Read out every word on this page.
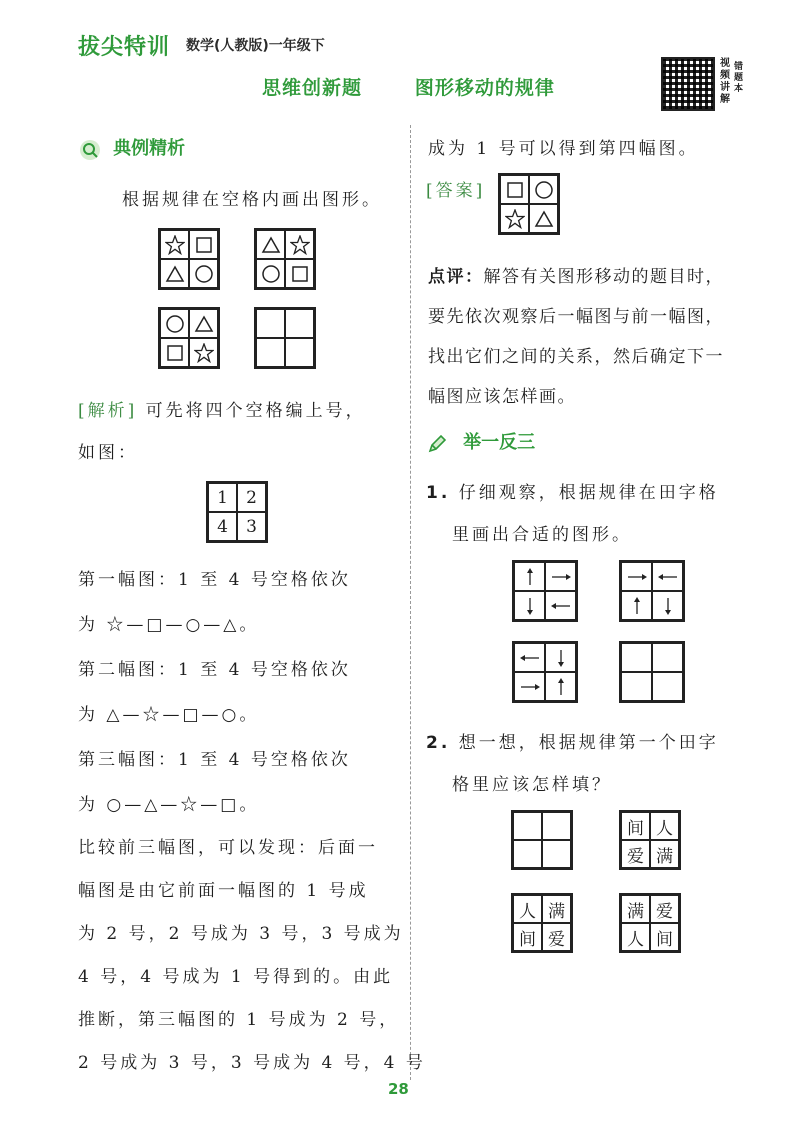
拔尖特训 数学(人教版)一年级下
思维创新题   图形移动的规律
视频讲解
错题本
典例精析

根据规律在空格内画出图形。

[解析] 可先将四个空格编上号，

如图：

1	2
4	3

第一幅图：1 至 4 号空格依次

为 ☆—□—○—△。

第二幅图：1 至 4 号空格依次

为 △—☆—□—○。

第三幅图：1 至 4 号空格依次

为 ○—△—☆—□。

比较前三幅图，可以发现：后面一

幅图是由它前面一幅图的 1 号成

为 2 号，2 号成为 3 号，3 号成为

4 号，4 号成为 1 号得到的。由此

推断，第三幅图的 1 号成为 2 号，

2 号成为 3 号，3 号成为 4 号，4 号

成为 1 号可以得到第四幅图。

[答案]

点评：解答有关图形移动的题目时，

要先依次观察后一幅图与前一幅图，

找出它们之间的关系，然后确定下一

幅图应该怎样画。

举一反三

1. 仔细观察，根据规律在田字格

里画出合适的图形。

2. 想一想，根据规律第一个田字

格里应该怎样填？

间 人
爱 满
人 满
间 爱
满 爱
人 间
28
